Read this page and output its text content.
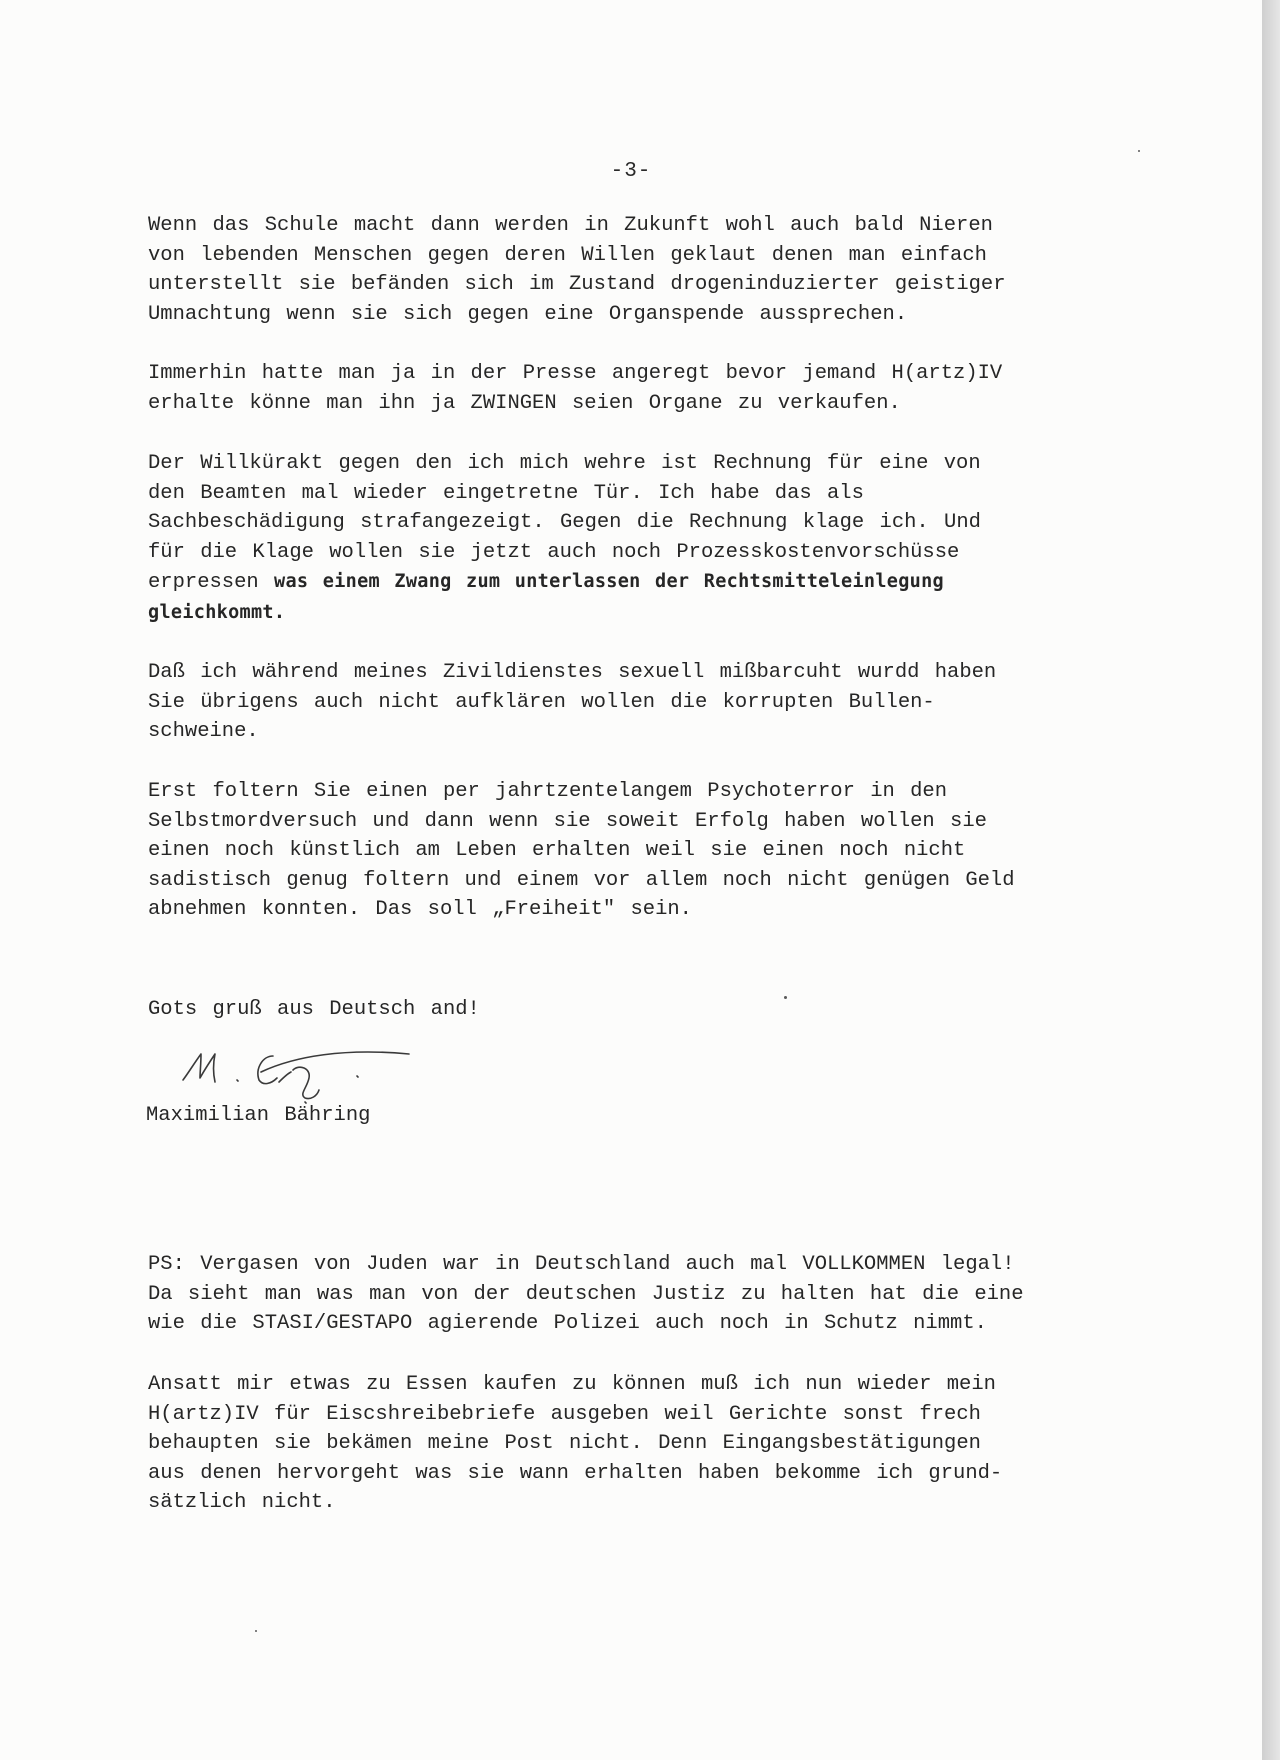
-3-

Wenn das Schule macht dann werden in Zukunft wohl auch bald Nieren
von lebenden Menschen gegen deren Willen geklaut denen man einfach
unterstellt sie befänden sich im Zustand drogeninduzierter geistiger
Umnachtung wenn sie sich gegen eine Organspende aussprechen.

Immerhin hatte man ja in der Presse angeregt bevor jemand H(artz)IV
erhalte könne man ihn ja ZWINGEN seien Organe zu verkaufen.

Der Willkürakt gegen den ich mich wehre ist Rechnung für eine von
den Beamten mal wieder eingetretne Tür. Ich habe das als
Sachbeschädigung strafangezeigt. Gegen die Rechnung klage ich. Und
für die Klage wollen sie jetzt auch noch Prozesskostenvorschüsse
erpressen was einem Zwang zum unterlassen der Rechtsmitteleinlegung
gleichkommt.

Daß ich während meines Zivildienstes sexuell mißbarcuht wurdd haben
Sie übrigens auch nicht aufklären wollen die korrupten Bullen-
schweine.

Erst foltern Sie einen per jahrtzentelangem Psychoterror in den
Selbstmordversuch und dann wenn sie soweit Erfolg haben wollen sie
einen noch künstlich am Leben erhalten weil sie einen noch nicht
sadistisch genug foltern und einem vor allem noch nicht genügen Geld
abnehmen konnten. Das soll „Freiheit" sein.

Gots gruß aus Deutsch and!
Maximilian Bähring

PS: Vergasen von Juden war in Deutschland auch mal VOLLKOMMEN legal!
Da sieht man was man von der deutschen Justiz zu halten hat die eine
wie die STASI/GESTAPO agierende Polizei auch noch in Schutz nimmt.

Ansatt mir etwas zu Essen kaufen zu können muß ich nun wieder mein
H(artz)IV für Eiscshreibebriefe ausgeben weil Gerichte sonst frech
behaupten sie bekämen meine Post nicht. Denn Eingangsbestätigungen
aus denen hervorgeht was sie wann erhalten haben bekomme ich grund-
sätzlich nicht.
